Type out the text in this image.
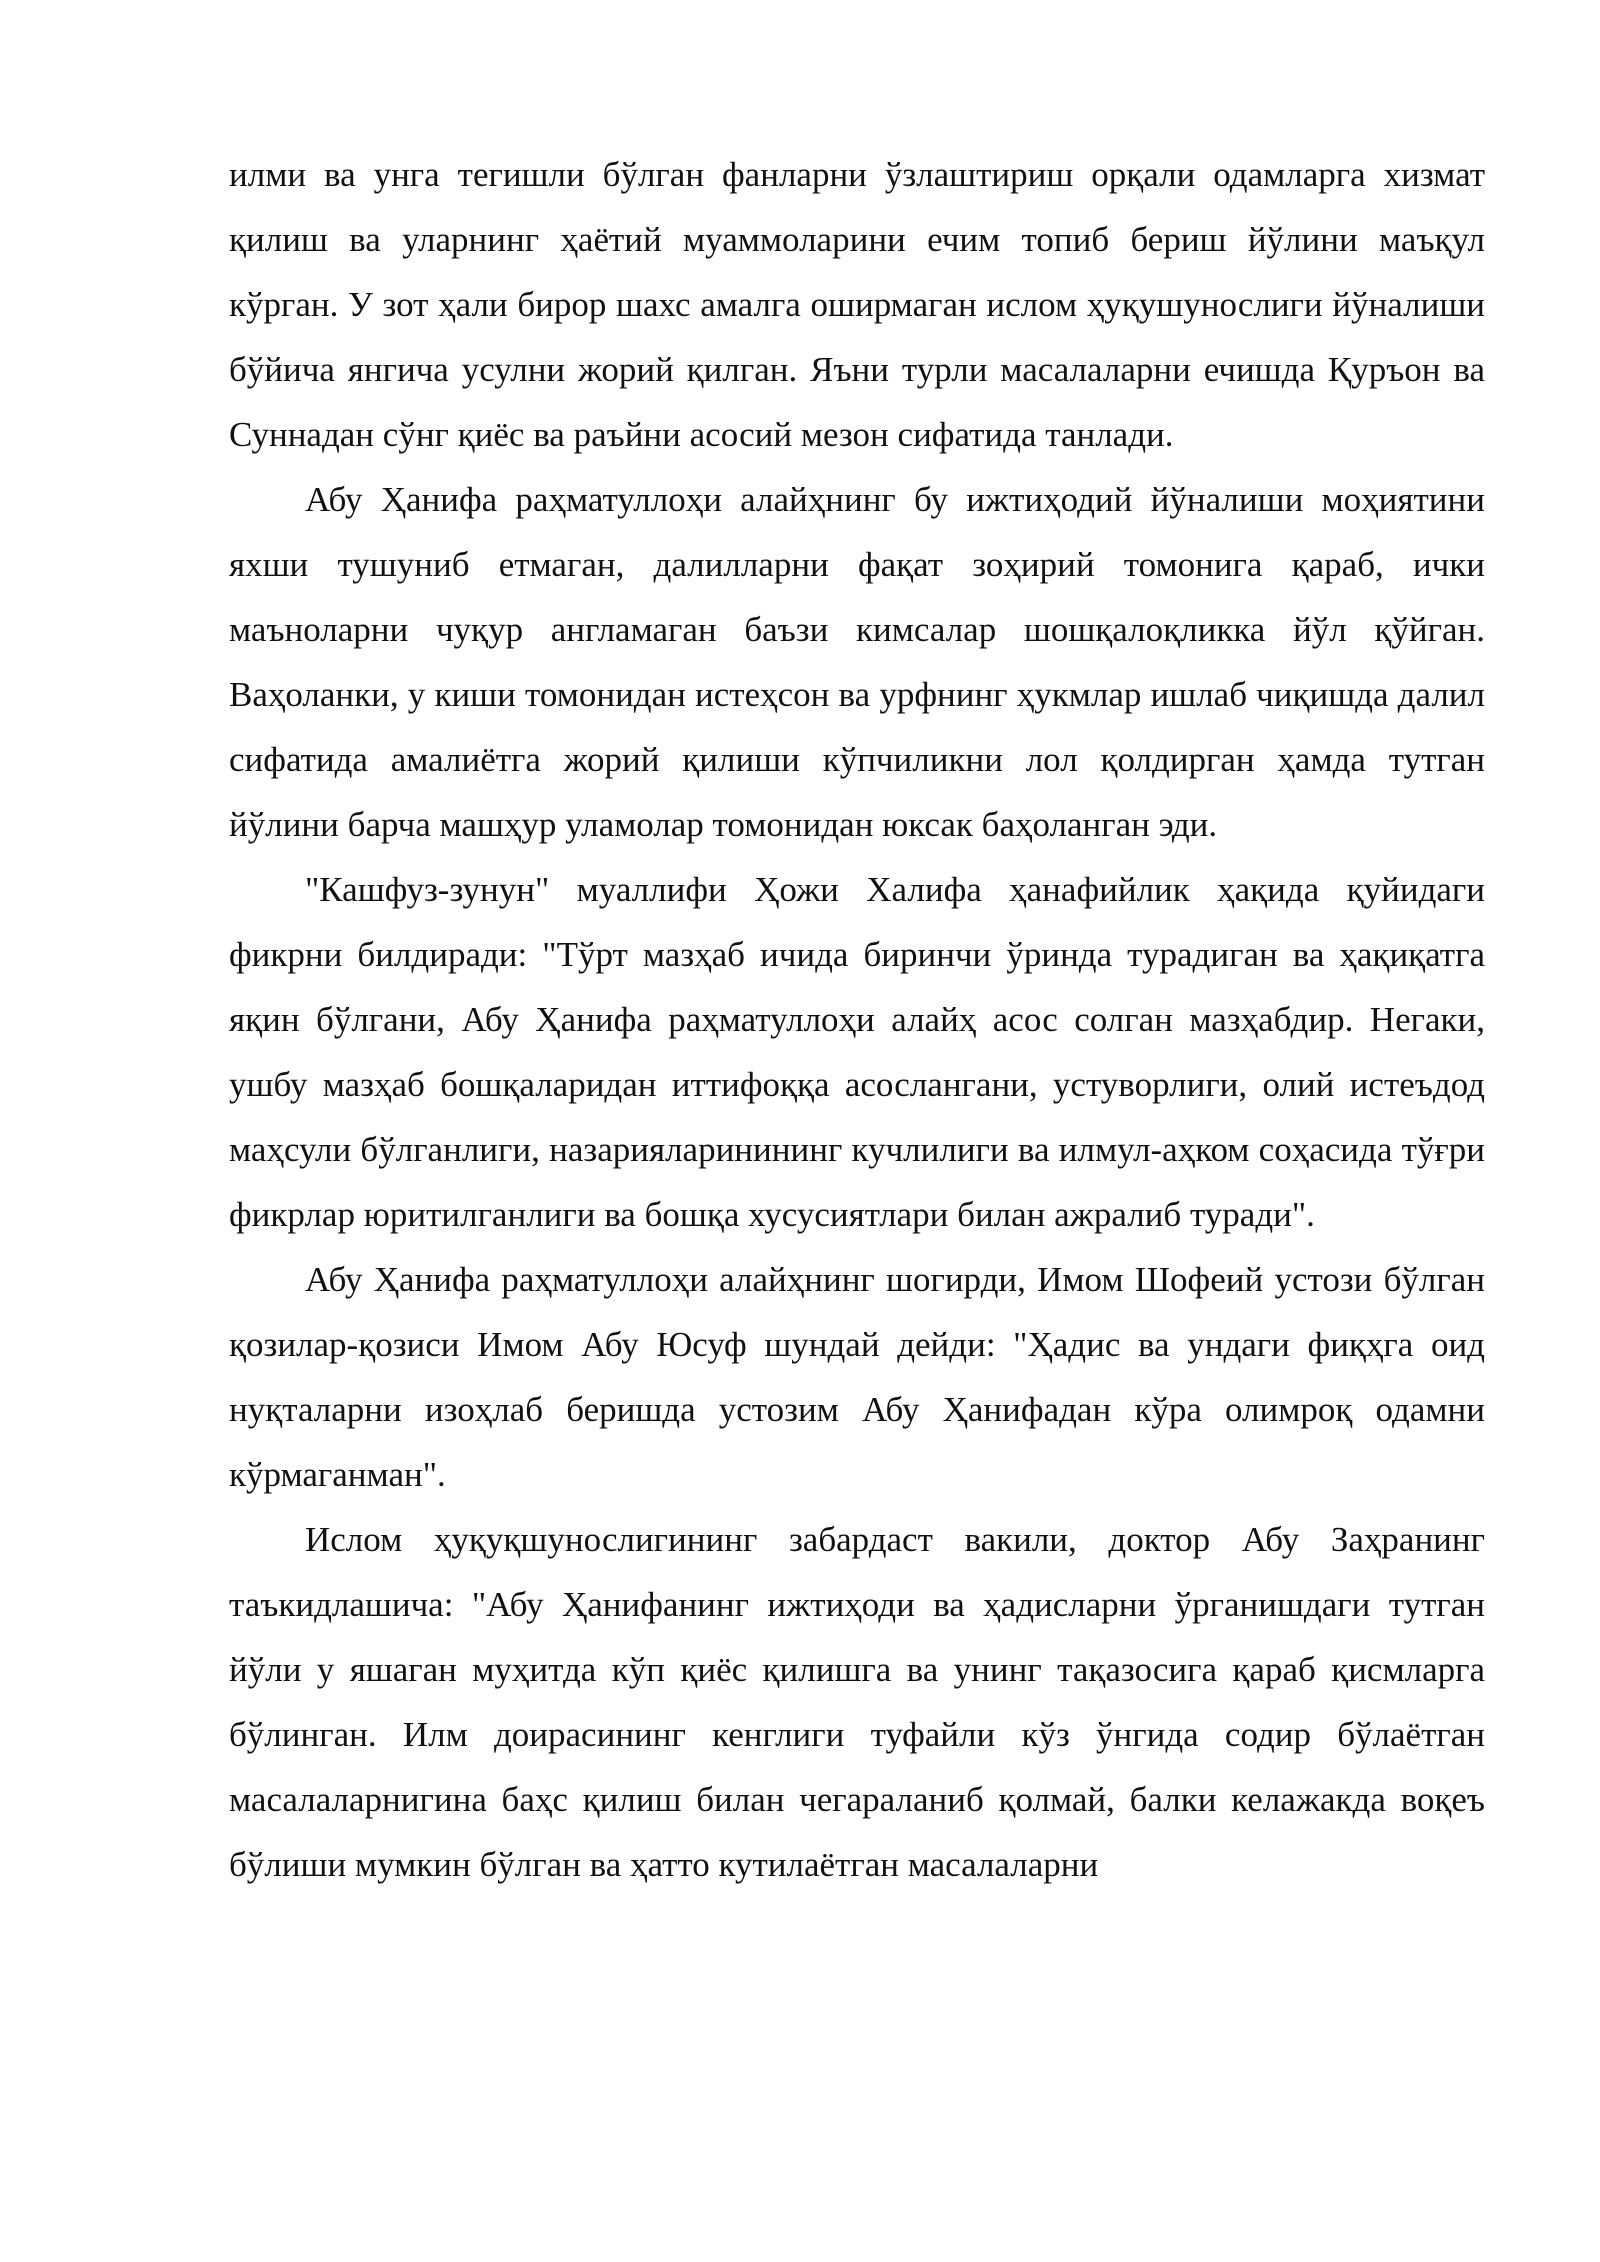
илми ва унга тегишли бўлган фанларни ўзлаштириш орқали одамларга хизмат қилиш ва уларнинг ҳаётий муаммоларини ечим топиб бериш йўлини маъқул кўрган. У зот ҳали бирор шахс амалга оширмаган ислом ҳуқушунослиги йўналиши бўйича янгича усулни жорий қилган. Яъни турли масалаларни ечишда Қуръон ва Суннадан сўнг қиёс ва раъйни асосий мезон сифатида танлади.

Абу Ҳанифа раҳматуллоҳи алайҳнинг бу ижтиҳодий йўналиши моҳиятини яхши тушуниб етмаган, далилларни фақат зоҳирий томонига қараб, ички маъноларни чуқур англамаган баъзи кимсалар шошқалоқликка йўл қўйган. Ваҳоланки, у киши томонидан истеҳсон ва урфнинг ҳукмлар ишлаб чиқишда далил сифатида амалиётга жорий қилиши кўпчиликни лол қолдирган ҳамда тутган йўлини барча машҳур уламолар томонидан юксак баҳоланган эди.

"Кашфуз-зунун" муаллифи Ҳожи Халифа ҳанафийлик ҳақида қуйидаги фикрни билдиради: "Тўрт мазҳаб ичида биринчи ўринда турадиган ва ҳақиқатга яқин бўлгани, Абу Ҳанифа раҳматуллоҳи алайҳ асос солган мазҳабдир. Негаки, ушбу мазҳаб бошқаларидан иттифоққа асослангани, устуворлиги, олий истеъдод маҳсули бўлганлиги, назарияларинининг кучлилиги ва илмул-аҳком соҳасида тўғри фикрлар юритилганлиги ва бошқа хусусиятлари билан ажралиб туради".

Абу Ҳанифа раҳматуллоҳи алайҳнинг шогирди, Имом Шофеий устози бўлган қозилар-қозиси Имом Абу Юсуф шундай дейди: "Ҳадис ва ундаги фиқҳга оид нуқталарни изоҳлаб беришда устозим Абу Ҳанифадан кўра олимроқ одамни кўрмаганман".

Ислом ҳуқуқшунослигининг забардаст вакили, доктор Абу Заҳранинг таъкидлашича: "Абу Ҳанифанинг ижтиҳоди ва ҳадисларни ўрганишдаги тутган йўли у яшаган муҳитда кўп қиёс қилишга ва унинг тақазосига қараб қисмларга бўлинган. Илм доирасининг кенглиги туфайли кўз ўнгида содир бўлаётган масалаларнигина баҳс қилиш билан чегараланиб қолмай, балки келажакда воқеъ бўлиши мумкин бўлган ва ҳатто кутилаётган масалаларни
